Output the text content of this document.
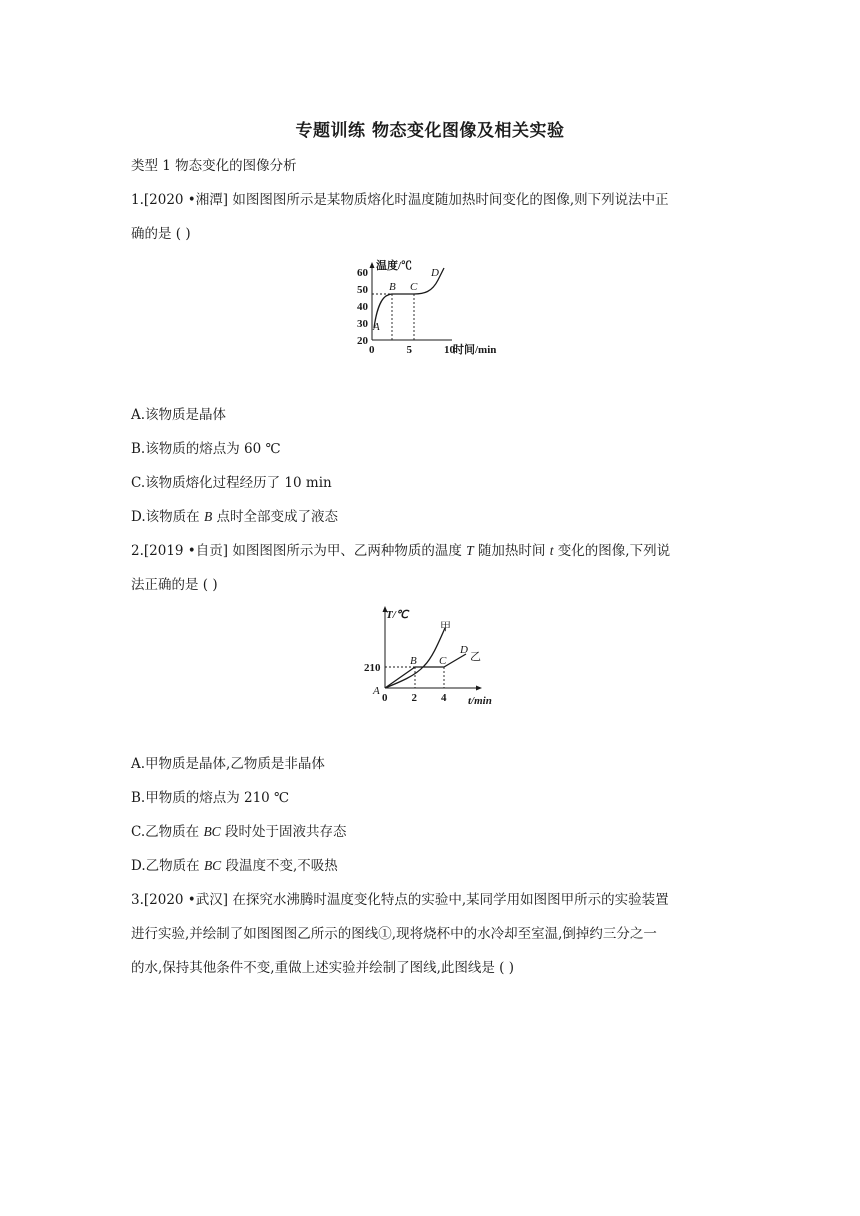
专题训练 物态变化图像及相关实验
类型 1 物态变化的图像分析
1.[2020 •湘潭] 如图图图所示是某物质熔化时温度随加热时间变化的图像,则下列说法中正
确的是 ( )
20
30
40
50
60
0	5	10
A
B C
D
温度/℃
时间/min
A.该物质是晶体
B.该物质的熔点为 60 ℃
C.该物质熔化过程经历了 10 min
D.该物质在 B 点时全部变成了液态
2.[2019 •自贡] 如图图图所示为甲、乙两种物质的温度 T 随加热时间 t 变化的图像,下列说
法正确的是 ( )
0 2 4
210
A
B C
D
甲
乙
T/℃
t/min
A.甲物质是晶体,乙物质是非晶体
B.甲物质的熔点为 210 ℃
C.乙物质在 BC 段时处于固液共存态
D.乙物质在 BC 段温度不变,不吸热
3.[2020 •武汉] 在探究水沸腾时温度变化特点的实验中,某同学用如图图甲所示的实验装置
进行实验,并绘制了如图图图乙所示的图线①,现将烧杯中的水冷却至室温,倒掉约三分之一
的水,保持其他条件不变,重做上述实验并绘制了图线,此图线是 ( )
